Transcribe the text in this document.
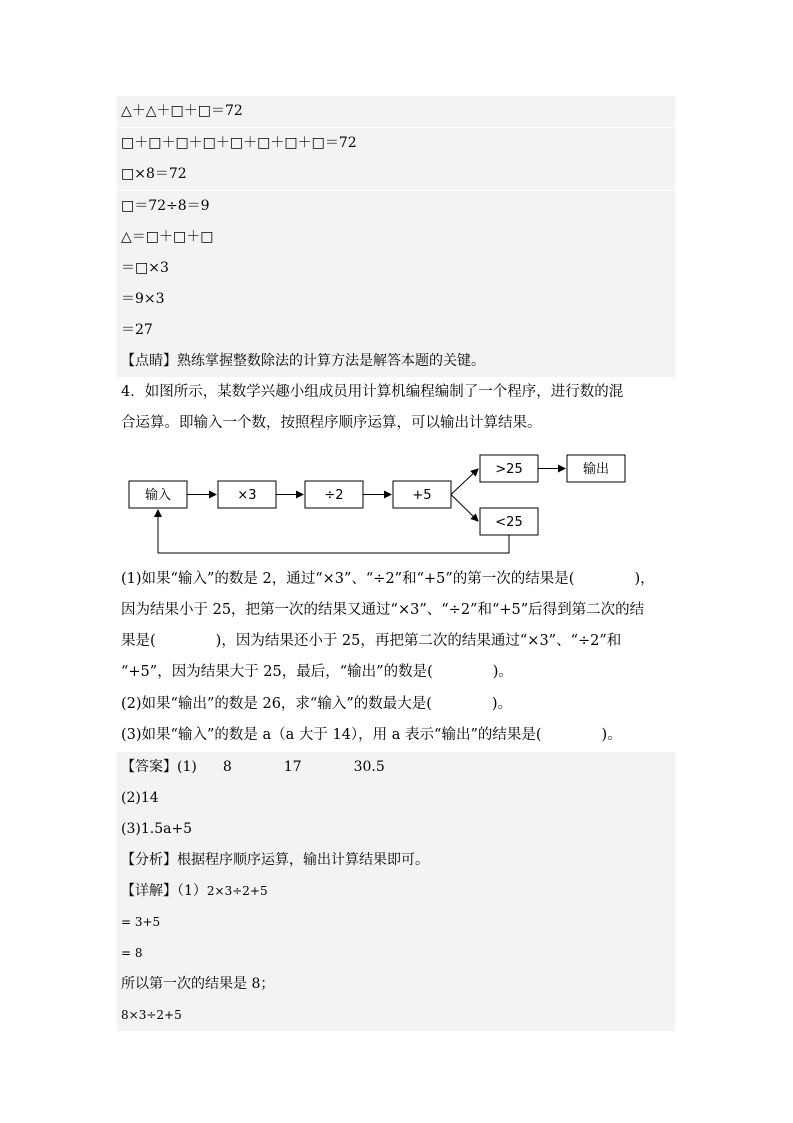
△＋△＋□＋□＝72
□＋□＋□＋□＋□＋□＋□＋□＝72
□×8＝72
□＝72÷8＝9
△＝□＋□＋□
＝□×3
＝9×3
＝27
【点睛】熟练掌握整数除法的计算方法是解答本题的关键。
4．如图所示，某数学兴趣小组成员用计算机编程编制了一个程序，进行数的混
合运算。即输入一个数，按照程序顺序运算，可以输出计算结果。
输入	×3	÷2	+5
>25
<25
输出
(1)如果“输入”的数是 2，通过“×3”、“÷2”和“+5”的第一次的结果是(	)，
因为结果小于 25，把第一次的结果又通过“×3”、“÷2”和“+5”后得到第二次的结
果是(	)，因为结果还小于 25，再把第二次的结果通过“×3”、“÷2”和
“+5”，因为结果大于 25，最后，“输出”的数是(	)。
(2)如果“输出”的数是 26，求“输入”的数最大是(	)。
(3)如果“输入”的数是 a（a 大于 14），用 a 表示“输出”的结果是(	)。
【答案】(1) 8	17	30.5
(2)14
(3)1.5a+5
【分析】根据程序顺序运算，输出计算结果即可。
【详解】（1）2×3÷2+5
= 3+5
= 8
所以第一次的结果是 8；
8×3÷2+5
